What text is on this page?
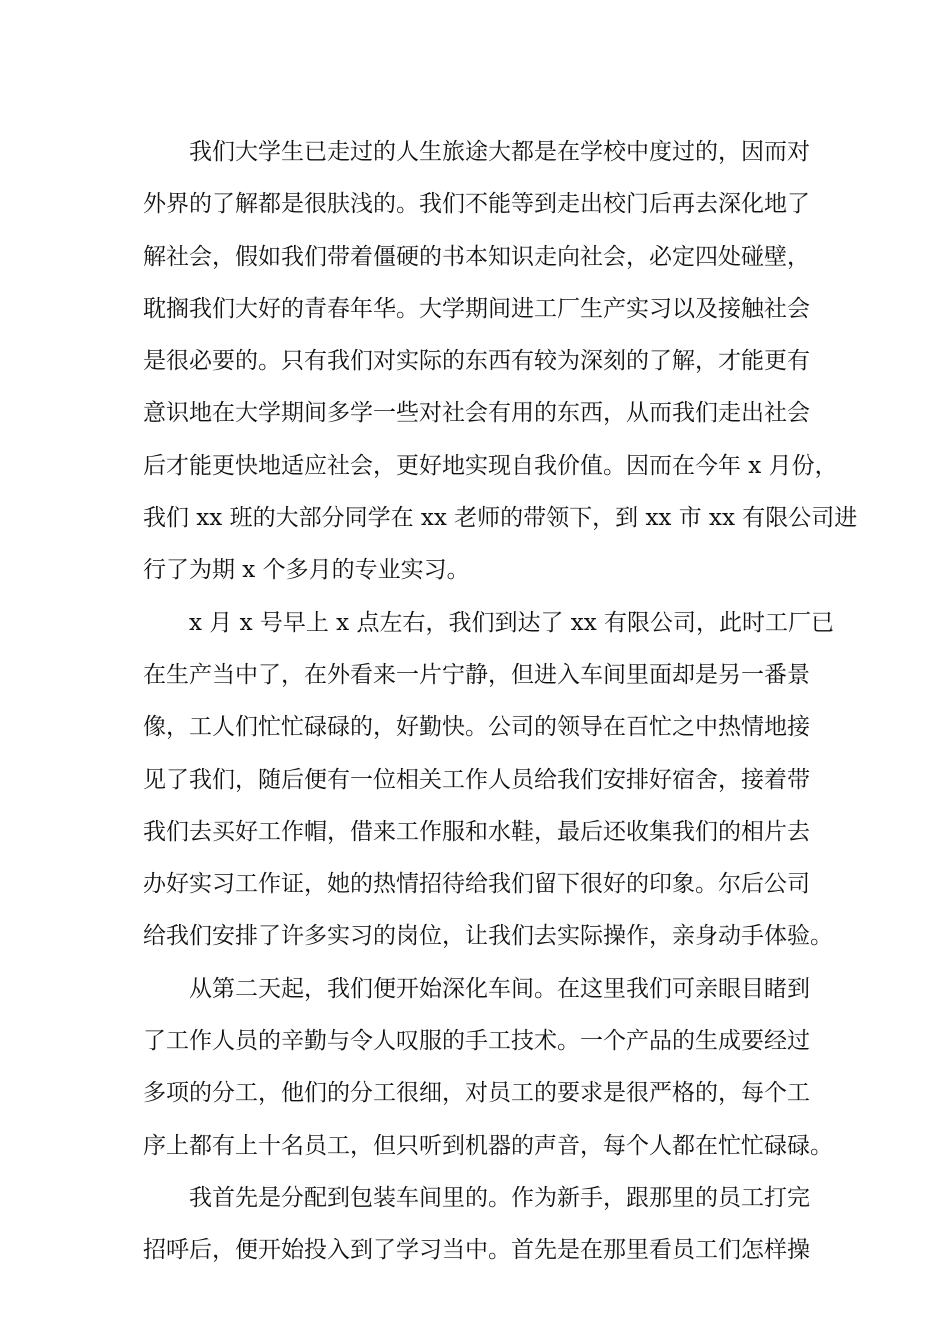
我们大学生已走过的人生旅途大都是在学校中度过的，因而对
外界的了解都是很肤浅的。我们不能等到走出校门后再去深化地了
解社会，假如我们带着僵硬的书本知识走向社会，必定四处碰壁，
耽搁我们大好的青春年华。大学期间进工厂生产实习以及接触社会
是很必要的。只有我们对实际的东西有较为深刻的了解，才能更有
意识地在大学期间多学一些对社会有用的东西，从而我们走出社会
后才能更快地适应社会，更好地实现自我价值。因而在今年 x 月份，
我们 xx 班的大部分同学在 xx 老师的带领下，到 xx 市 xx 有限公司进
行了为期 x 个多月的专业实习。
x 月 x 号早上 x 点左右，我们到达了 xx 有限公司，此时工厂已
在生产当中了，在外看来一片宁静，但进入车间里面却是另一番景
像，工人们忙忙碌碌的，好勤快。公司的领导在百忙之中热情地接
见了我们，随后便有一位相关工作人员给我们安排好宿舍，接着带
我们去买好工作帽，借来工作服和水鞋，最后还收集我们的相片去
办好实习工作证，她的热情招待给我们留下很好的印象。尔后公司
给我们安排了许多实习的岗位，让我们去实际操作，亲身动手体验。
从第二天起，我们便开始深化车间。在这里我们可亲眼目睹到
了工作人员的辛勤与令人叹服的手工技术。一个产品的生成要经过
多项的分工，他们的分工很细，对员工的要求是很严格的，每个工
序上都有上十名员工，但只听到机器的声音，每个人都在忙忙碌碌。
我首先是分配到包装车间里的。作为新手，跟那里的员工打完
招呼后，便开始投入到了学习当中。首先是在那里看员工们怎样操
